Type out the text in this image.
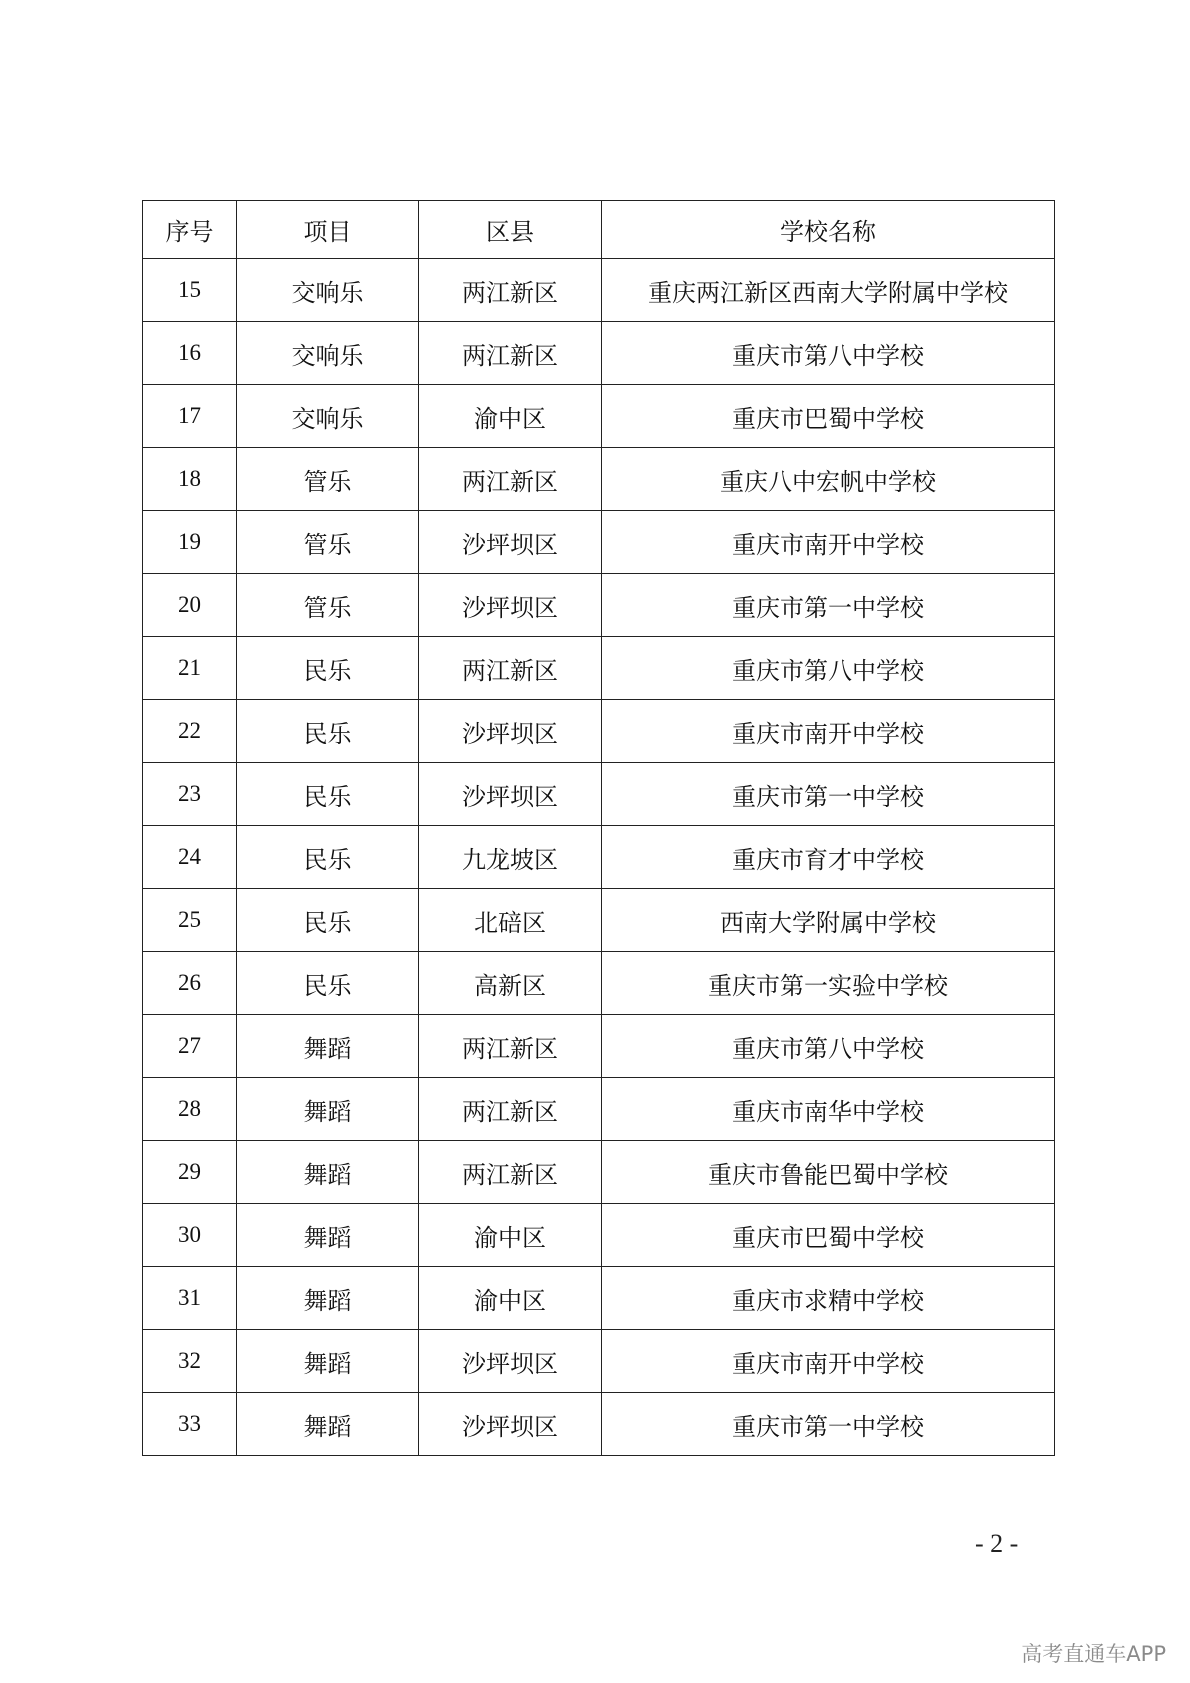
序号	项目	区县	学校名称
15	交响乐	两江新区	重庆两江新区西南大学附属中学校
16	交响乐	两江新区	重庆市第八中学校
17	交响乐	渝中区	重庆市巴蜀中学校
18	管乐	两江新区	重庆八中宏帆中学校
19	管乐	沙坪坝区	重庆市南开中学校
20	管乐	沙坪坝区	重庆市第一中学校
21	民乐	两江新区	重庆市第八中学校
22	民乐	沙坪坝区	重庆市南开中学校
23	民乐	沙坪坝区	重庆市第一中学校
24	民乐	九龙坡区	重庆市育才中学校
25	民乐	北碚区	西南大学附属中学校
26	民乐	高新区	重庆市第一实验中学校
27	舞蹈	两江新区	重庆市第八中学校
28	舞蹈	两江新区	重庆市南华中学校
29	舞蹈	两江新区	重庆市鲁能巴蜀中学校
30	舞蹈	渝中区	重庆市巴蜀中学校
31	舞蹈	渝中区	重庆市求精中学校
32	舞蹈	沙坪坝区	重庆市南开中学校
33	舞蹈	沙坪坝区	重庆市第一中学校
- 2 -
高考直通车APP
